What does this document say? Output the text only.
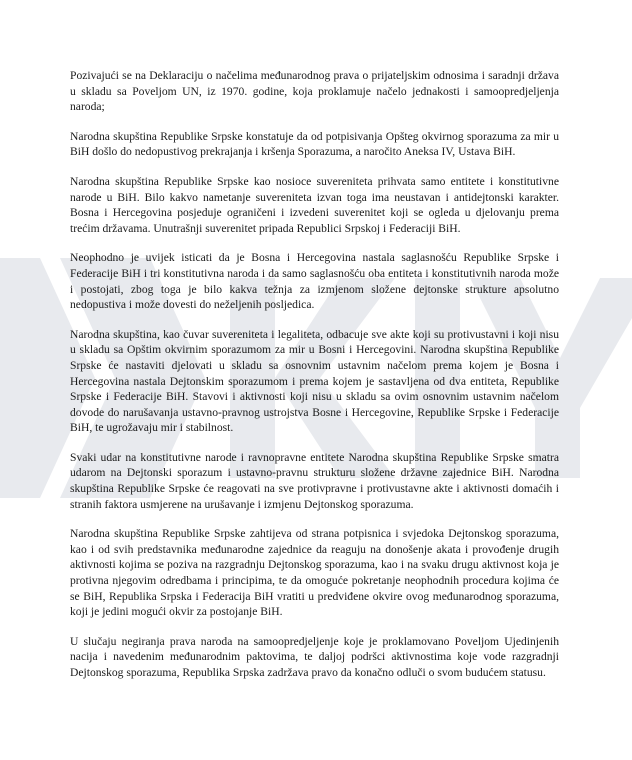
Pozivajući se na Deklaraciju o načelima međunarodnog prava o prijateljskim odnosima i saradnji država u skladu sa Poveljom UN, iz 1970. godine, koja proklamuje načelo jednakosti i samoopredjeljenja naroda;

Narodna skupština Republike Srpske konstatuje da od potpisivanja Opšteg okvirnog sporazuma za mir u BiH došlo do nedopustivog prekrajanja i kršenja Sporazuma, a naročito Aneksa IV, Ustava BiH.

Narodna skupština Republike Srpske kao nosioce suvereniteta prihvata samo entitete i konstitutivne narode u BiH. Bilo kakvo nametanje suvereniteta izvan toga ima neustavan i antidejtonski karakter. Bosna i Hercegovina posjeduje ograničeni i izvedeni suverenitet koji se ogleda u djelovanju prema trećim državama. Unutrašnji suverenitet pripada Republici Srpskoj i Federaciji BiH.

Neophodno je uvijek isticati da je Bosna i Hercegovina nastala saglasnošću Republike Srpske i Federacije BiH i tri konstitutivna naroda i da samo saglasnošću oba entiteta i konstitutivnih naroda može i postojati, zbog toga je bilo kakva težnja za izmjenom složene dejtonske strukture apsolutno nedopustiva i može dovesti do neželjenih posljedica.

Narodna skupština, kao čuvar suvereniteta i legaliteta, odbacuje sve akte koji su protivustavni i koji nisu u skladu sa Opštim okvirnim sporazumom za mir u Bosni i Hercegovini. Narodna skupština Republike Srpske će nastaviti djelovati u skladu sa osnovnim ustavnim načelom prema kojem je Bosna i Hercegovina nastala Dejtonskim sporazumom i prema kojem je sastavljena od dva entiteta, Republike Srpske i Federacije BiH. Stavovi i aktivnosti koji nisu u skladu sa ovim osnovnim ustavnim načelom dovode do narušavanja ustavno-pravnog ustrojstva Bosne i Hercegovine, Republike Srpske i Federacije BiH, te ugrožavaju mir i stabilnost.

Svaki udar na konstitutivne narode i ravnopravne entitete Narodna skupština Republike Srpske smatra udarom na Dejtonski sporazum i ustavno-pravnu strukturu složene državne zajednice BiH. Narodna skupština Republike Srpske će reagovati na sve protivpravne i protivustavne akte i aktivnosti domaćih i stranih faktora usmjerene na urušavanje i izmjenu Dejtonskog sporazuma.

Narodna skupština Republike Srpske zahtijeva od strana potpisnica i svjedoka Dejtonskog sporazuma, kao i od svih predstavnika međunarodne zajednice da reaguju na donošenje akata i provođenje drugih aktivnosti kojima se poziva na razgradnju Dejtonskog sporazuma, kao i na svaku drugu aktivnost koja je protivna njegovim odredbama i principima, te da omoguće pokretanje neophodnih procedura kojima će se BiH, Republika Srpska i Federacija BiH vratiti u predviđene okvire ovog međunarodnog sporazuma, koji je jedini mogući okvir za postojanje BiH.

U slučaju negiranja prava naroda na samoopredjeljenje koje je proklamovano Poveljom Ujedinjenih nacija i navedenim međunarodnim paktovima, te daljoj podršci aktivnostima koje vode razgradnji Dejtonskog sporazuma, Republika Srpska zadržava pravo da konačno odluči o svom budućem statusu.
